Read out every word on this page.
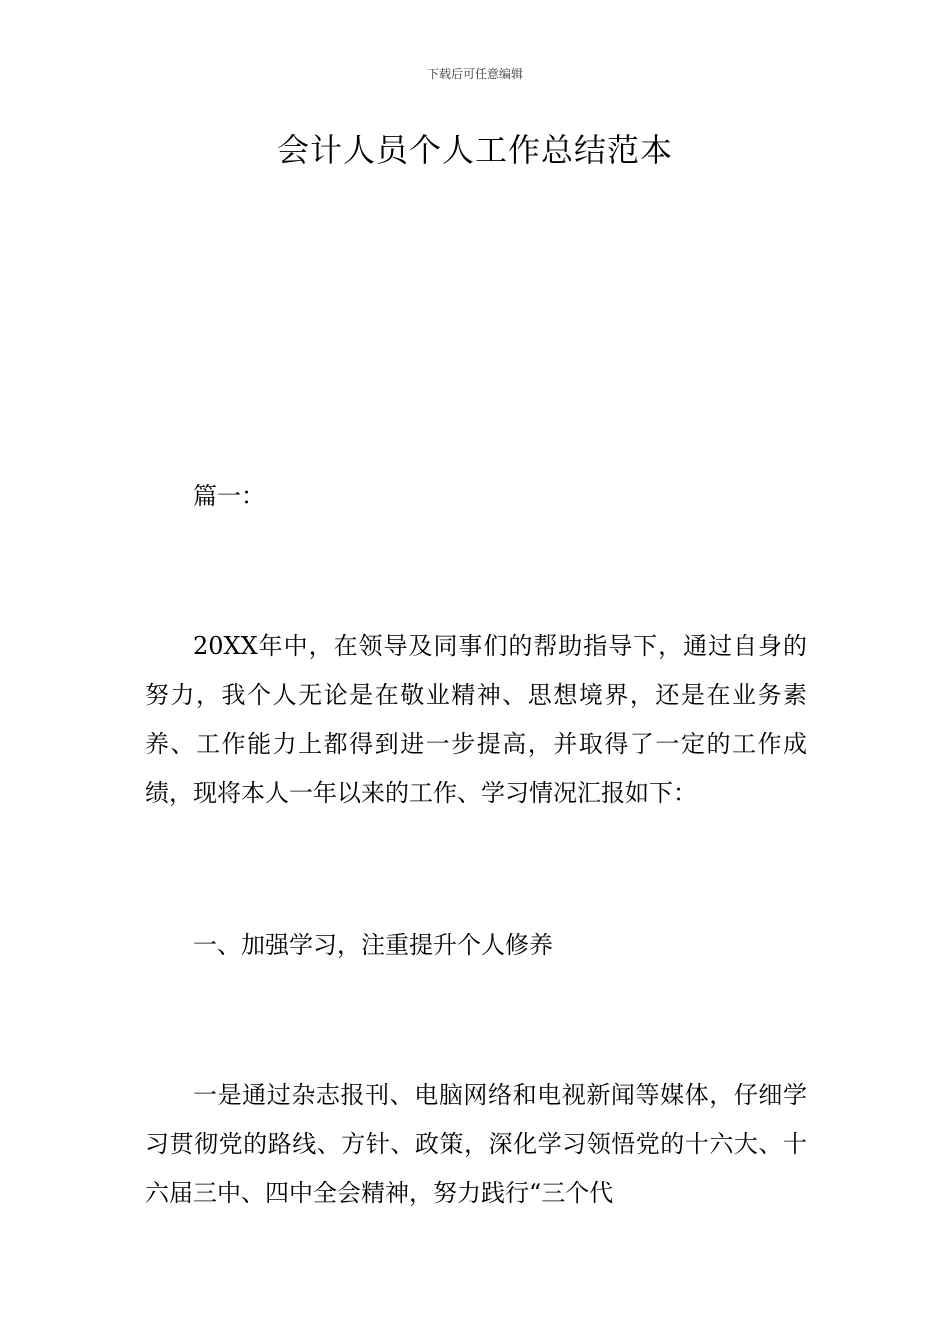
下载后可任意编辑
会计人员个人工作总结范本

篇一：

20XX年中，在领导及同事们的帮助指导下，通过自身的努力，我个人无论是在敬业精神、思想境界，还是在业务素养、工作能力上都得到进一步提高，并取得了一定的工作成绩，现将本人一年以来的工作、学习情况汇报如下：

一、加强学习，注重提升个人修养

一是通过杂志报刊、电脑网络和电视新闻等媒体，仔细学习贯彻党的路线、方针、政策，深化学习领悟党的十六大、十六届三中、四中全会精神，努力践行“三个代
